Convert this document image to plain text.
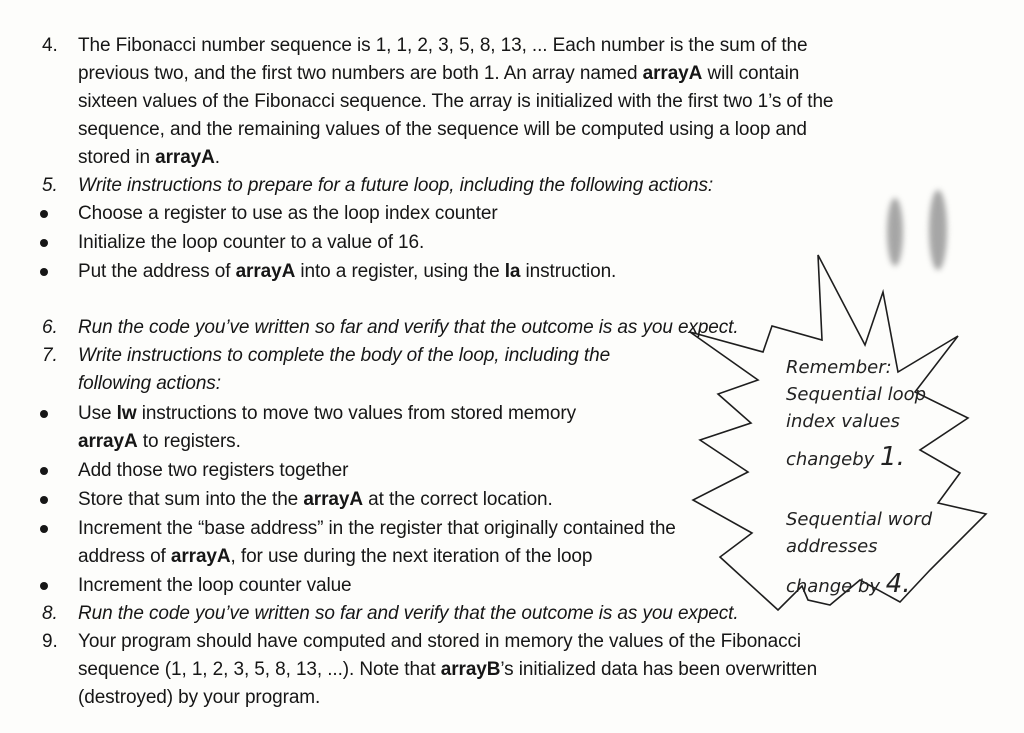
4. The Fibonacci number sequence is 1, 1, 2, 3, 5, 8, 13, ... Each number is the sum of the
previous two, and the first two numbers are both 1. An array named arrayA will contain
sixteen values of the Fibonacci sequence. The array is initialized with the first two 1’s of the
sequence, and the remaining values of the sequence will be computed using a loop and
stored in arrayA.
5. Write instructions to prepare for a future loop, including the following actions:
Choose a register to use as the loop index counter
Initialize the loop counter to a value of 16.
Put the address of arrayA into a register, using the la instruction.
6. Run the code you’ve written so far and verify that the outcome is as you expect.
7. Write instructions to complete the body of the loop, including the
following actions:
Use lw instructions to move two values from stored memory
arrayA to registers.
Add those two registers together
Store that sum into the the arrayA at the correct location.
Increment the “base address” in the register that originally contained the
address of arrayA, for use during the next iteration of the loop
Increment the loop counter value
8. Run the code you’ve written so far and verify that the outcome is as you expect.
9. Your program should have computed and stored in memory the values of the Fibonacci
sequence (1, 1, 2, 3, 5, 8, 13, ...). Note that arrayB’s initialized data has been overwritten
(destroyed) by your program.
Remember:
Sequential loop
index values
changeby 1.
Sequential word
addresses
change by 4.
